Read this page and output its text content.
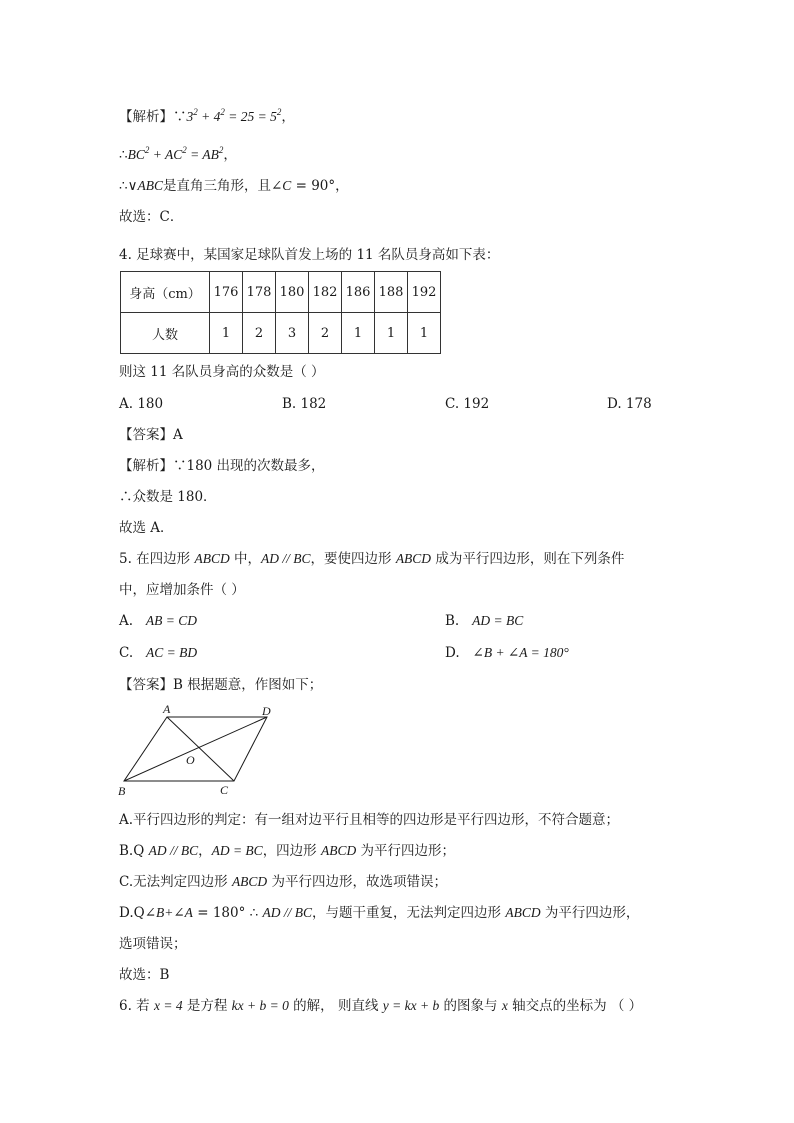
【解析】$\because 3^2 + 4^2 = 25 = 5^2$，
$\therefore BC^2 + AC^2 = AB^2$，
∴∨ABC是直角三角形，且∠C = 90°，
故选：C．
4. 足球赛中，某国家足球队首发上场的 11 名队员身高如下表：
身高（cm）	176	178	180	182	186	188	192
人数	1	2	3	2	1	1	1
则这 11 名队员身高的众数是（ ）
A. 180	B. 182	C. 192	D. 178
【答案】A
【解析】∵180 出现的次数最多，
∴众数是 180．
故选 A．
5. 在四边形 ABCD 中，AD // BC，要使四边形 ABCD 成为平行四边形，则在下列条件
中，应增加条件（ ）
A. AB = CD	B. AD = BC
C. AC = BD	D. ∠B + ∠A = 180°
【答案】B 根据题意，作图如下；
A	D
O
B	C
A.平行四边形的判定：有一组对边平行且相等的四边形是平行四边形，不符合题意；
B.Q AD // BC，AD = BC，四边形 ABCD 为平行四边形；
C.无法判定四边形 ABCD 为平行四边形，故选项错误；
D.Q∠B+∠A = 180° ∴ AD // BC，与题干重复，无法判定四边形 ABCD 为平行四边形，
选项错误；
故选：B
6. 若 x = 4 是方程 kx + b = 0 的解， 则直线 y = kx + b 的图象与 x 轴交点的坐标为 （ ）
